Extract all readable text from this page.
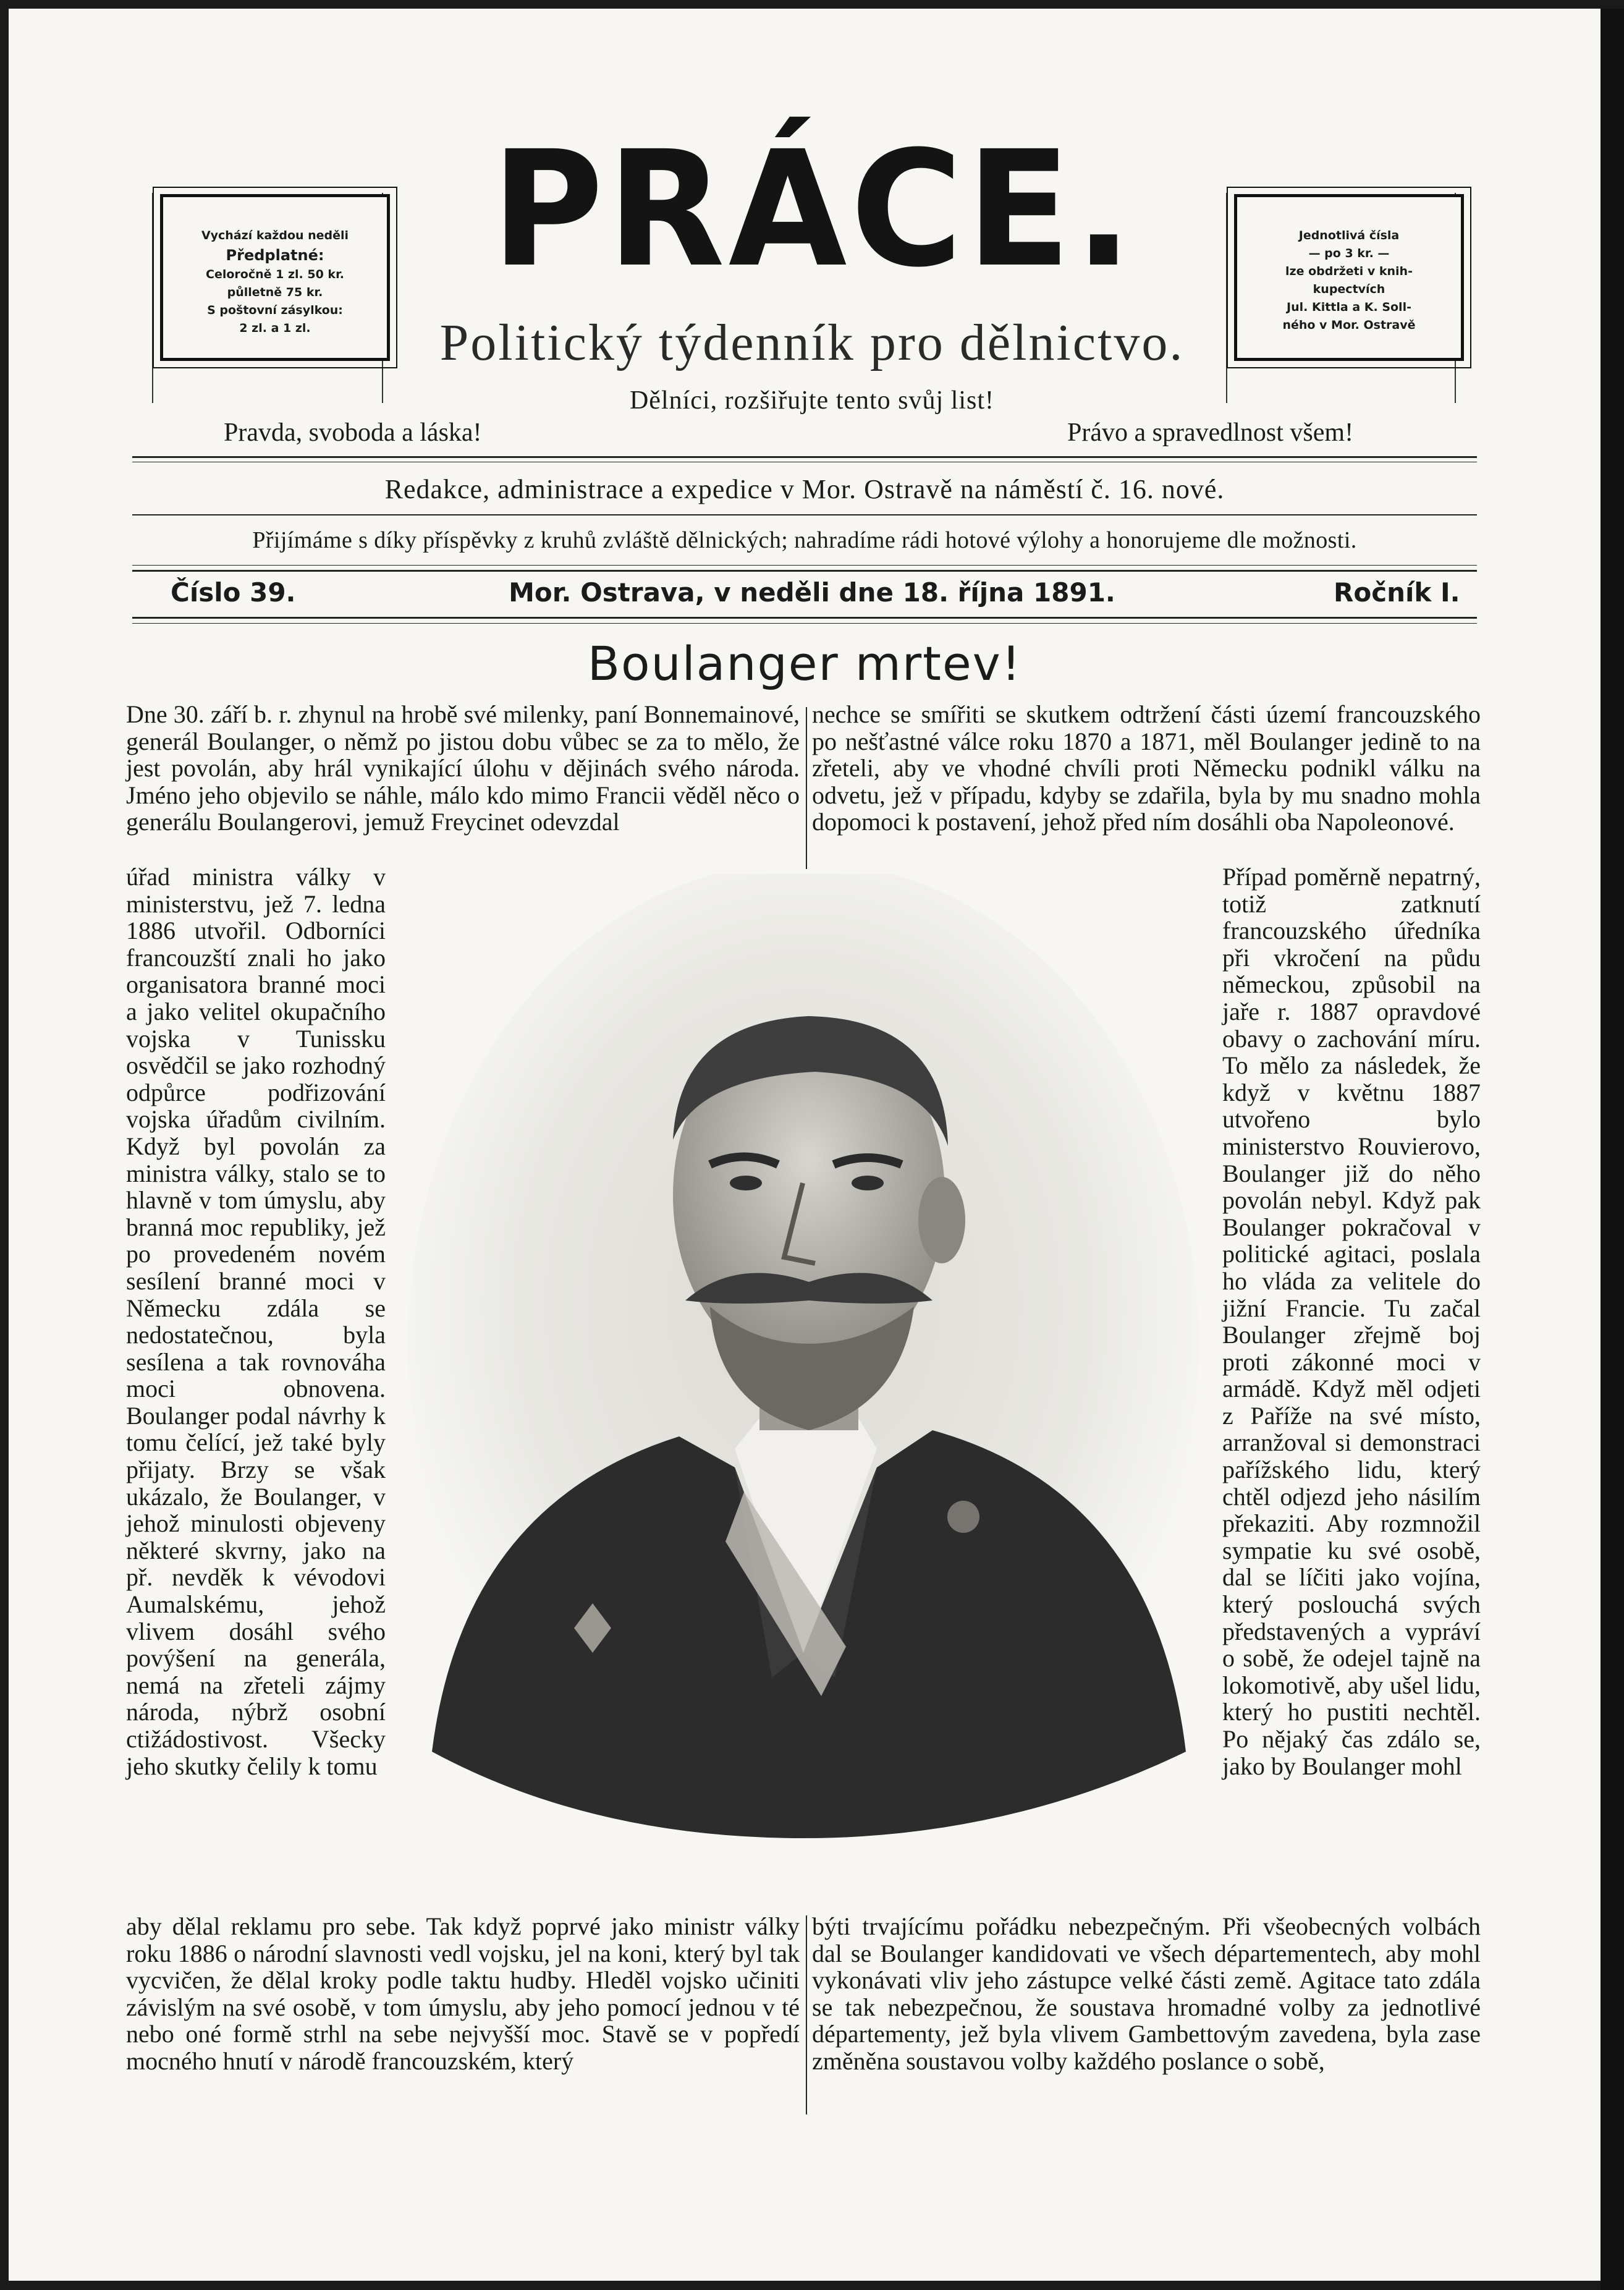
Vychází každou neděli
Předplatné:
Celoročně 1 zl. 50 kr.
půlletně 75 kr.
S poštovní zásylkou:
2 zl. a 1 zl.
Jednotlivá čísla
— po 3 kr. —
lze obdržeti v knih-
kupectvích
Jul. Kittla a K. Soll-
ného v Mor. Ostravě
PRÁCE.
Politický týdenník pro dělnictvo.
Dělníci, rozšiřujte tento svůj list!
Pravda, svoboda a láska!	Právo a spravedlnost všem!
Redakce, administrace a expedice v Mor. Ostravě na náměstí č. 16. nové.
Přijímáme s díky příspěvky z kruhů zvláště dělnických; nahradíme rádi hotové výlohy a honorujeme dle možnosti.
Číslo 39.	Mor. Ostrava, v neděli dne 18. října 1891.	Ročník I.
Boulanger mrtev!

Dne 30. září b. r. zhynul na hrobě své milenky, paní Bonnemainové, generál Boulanger, o němž po jistou dobu vůbec se za to mělo, že jest povolán, aby hrál vynikající úlohu v dějinách svého národa. Jméno jeho objevilo se náhle, málo kdo mimo Francii věděl něco o generálu Boulangerovi, jemuž Freycinet odevzdal

nechce se smířiti se skutkem odtržení části území francouzského po nešťastné válce roku 1870 a 1871, měl Boulanger jedině to na zřeteli, aby ve vhodné chvíli proti Německu podnikl válku na odvetu, jež v případu, kdyby se zdařila, byla by mu snadno mohla dopomoci k postavení, jehož před ním dosáhli oba Napoleonové.

úřad ministra války v ministerstvu, jež 7. ledna 1886 utvořil. Odborníci francouzští znali ho jako organisatora branné moci a jako velitel okupačního vojska v Tunissku osvědčil se jako rozhodný odpůrce podřizování vojska úřadům civilním. Když byl povolán za ministra války, stalo se to hlavně v tom úmyslu, aby branná moc republiky, jež po provedeném novém sesílení branné moci v Německu zdála se nedostatečnou, byla sesílena a tak rovnováha moci obnovena. Boulanger podal návrhy k tomu čelící, jež také byly přijaty. Brzy se však ukázalo, že Boulanger, v jehož minulosti objeveny některé skvrny, jako na př. nevděk k vévodovi Aumalskému, jehož vlivem dosáhl svého povýšení na generála, nemá na zřeteli zájmy národa, nýbrž osobní ctižádostivost. Všecky jeho skutky čelily k tomu

Případ poměrně nepatrný, totiž zatknutí francouzského úředníka při vkročení na půdu německou, způsobil na jaře r. 1887 opravdové obavy o zachování míru. To mělo za následek, že když v květnu 1887 utvořeno bylo ministerstvo Rouvierovo, Boulanger již do něho povolán nebyl. Když pak Boulanger pokračoval v politické agitaci, poslala ho vláda za velitele do jižní Francie. Tu začal Boulanger zřejmě boj proti zákonné moci v armádě. Když měl odjeti z Paříže na své místo, arranžoval si demonstraci pařížského lidu, který chtěl odjezd jeho násilím překaziti. Aby rozmnožil sympatie ku své osobě, dal se líčiti jako vojína, který poslouchá svých představených a vypráví o sobě, že odejel tajně na lokomotivě, aby ušel lidu, který ho pustiti nechtěl. Po nějaký čas zdálo se, jako by Boulanger mohl

aby dělal reklamu pro sebe. Tak když poprvé jako ministr války roku 1886 o národní slavnosti vedl vojsku, jel na koni, který byl tak vycvičen, že dělal kroky podle taktu hudby. Hleděl vojsko učiniti závislým na své osobě, v tom úmyslu, aby jeho pomocí jednou v té nebo oné formě strhl na sebe nejvyšší moc. Stavě se v popředí mocného hnutí v národě francouzském, který

býti trvajícímu pořádku nebezpečným. Při všeobecných volbách dal se Boulanger kandidovati ve všech départementech, aby mohl vykonávati vliv jeho zástupce velké části země. Agitace tato zdála se tak nebezpečnou, že soustava hromadné volby za jednotlivé départementy, jež byla vlivem Gambettovým zavedena, byla zase změněna soustavou volby každého poslance o sobě,
